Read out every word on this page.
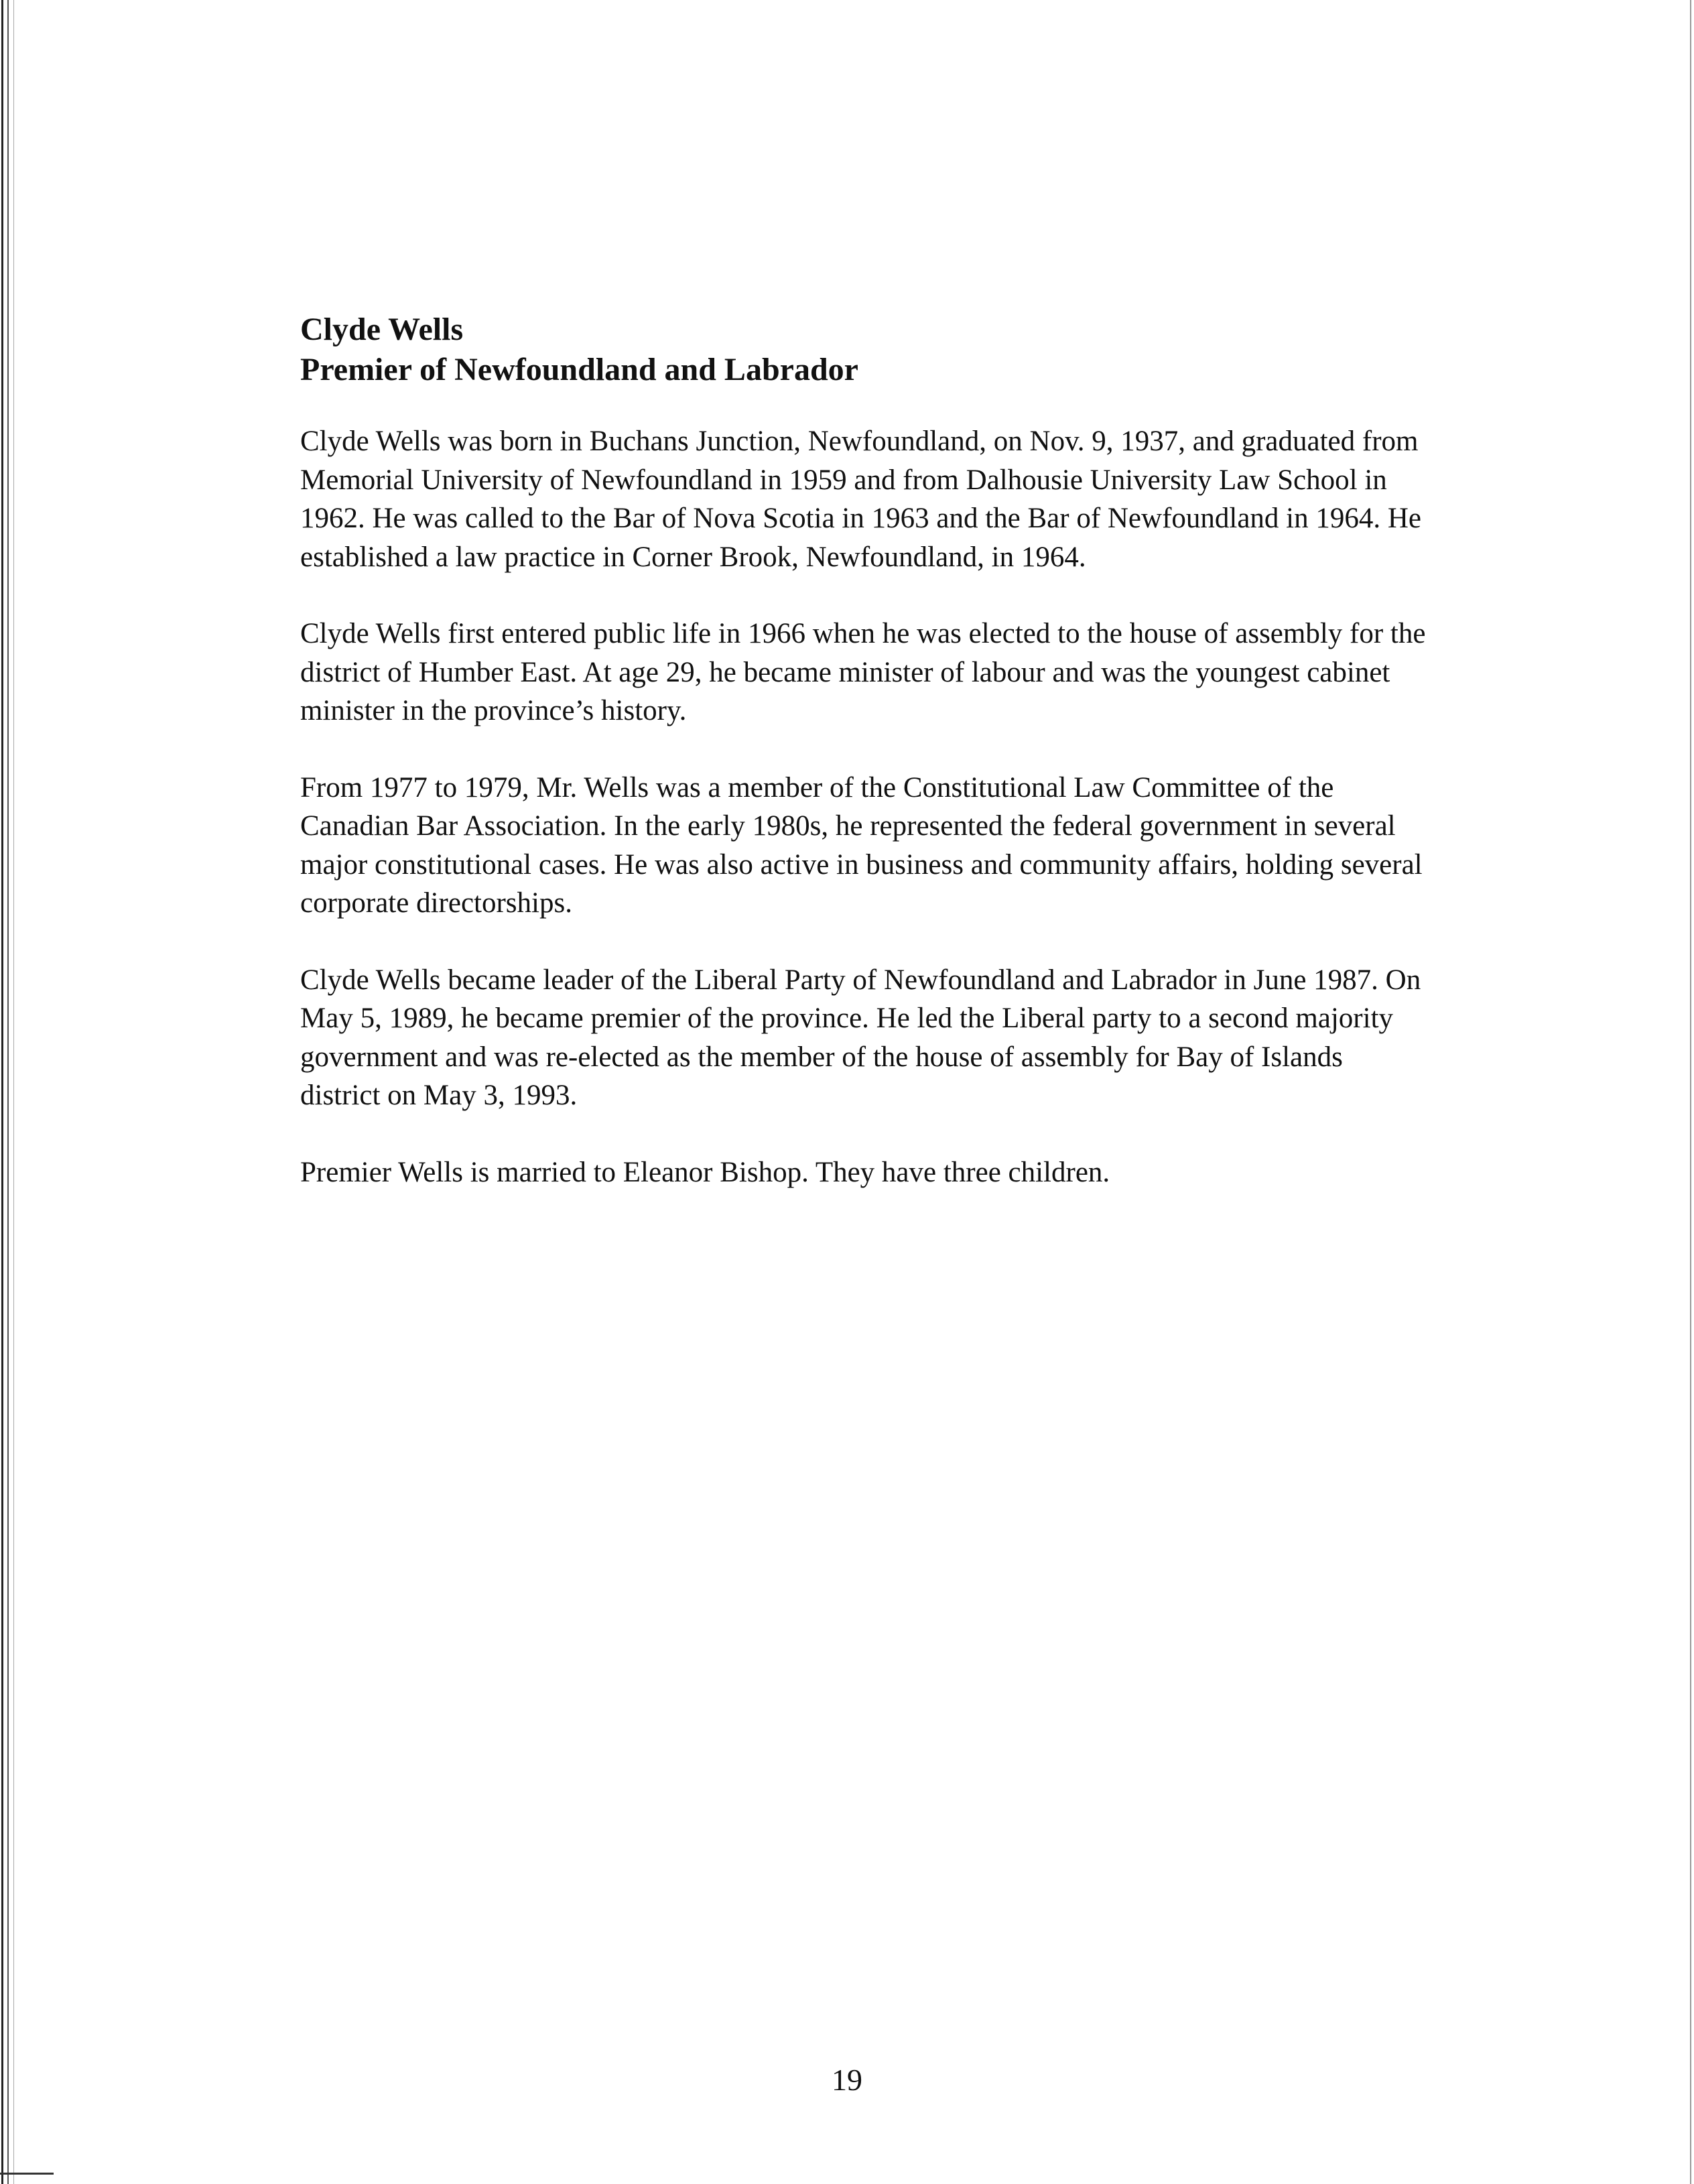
Clyde Wells
Premier of Newfoundland and Labrador

Clyde Wells was born in Buchans Junction, Newfoundland, on Nov. 9, 1937, and graduated from Memorial University of Newfoundland in 1959 and from Dalhousie University Law School in 1962. He was called to the Bar of Nova Scotia in 1963 and the Bar of Newfoundland in 1964. He established a law practice in Corner Brook, Newfoundland, in 1964.

Clyde Wells first entered public life in 1966 when he was elected to the house of assembly for the district of Humber East. At age 29, he became minister of labour and was the youngest cabinet minister in the province’s history.

From 1977 to 1979, Mr. Wells was a member of the Constitutional Law Committee of the Canadian Bar Association. In the early 1980s, he represented the federal government in several major constitutional cases. He was also active in business and community affairs, holding several corporate directorships.

Clyde Wells became leader of the Liberal Party of Newfoundland and Labrador in June 1987. On May 5, 1989, he became premier of the province. He led the Liberal party to a second majority government and was re-elected as the member of the house of assembly for Bay of Islands district on May 3, 1993.

Premier Wells is married to Eleanor Bishop. They have three children.

19
